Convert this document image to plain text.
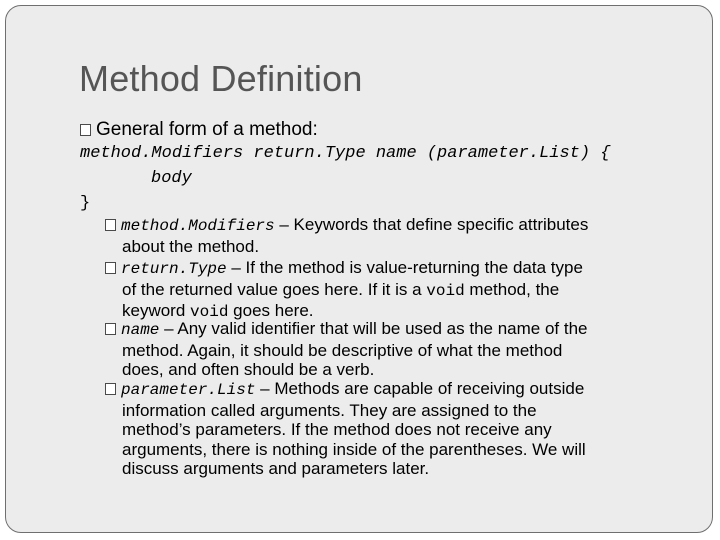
Method Definition
General form of a method:
method.Modifiers return.Type name (parameter.List) {
body
}
method.Modifiers – Keywords that define specific attributes
about the method.
return.Type – If the method is value-returning the data type
of the returned value goes here. If it is a void method, the
keyword void goes here.
name – Any valid identifier that will be used as the name of the
method. Again, it should be descriptive of what the method
does, and often should be a verb.
parameter.List – Methods are capable of receiving outside
information called arguments. They are assigned to the
method’s parameters. If the method does not receive any
arguments, there is nothing inside of the parentheses. We will
discuss arguments and parameters later.
